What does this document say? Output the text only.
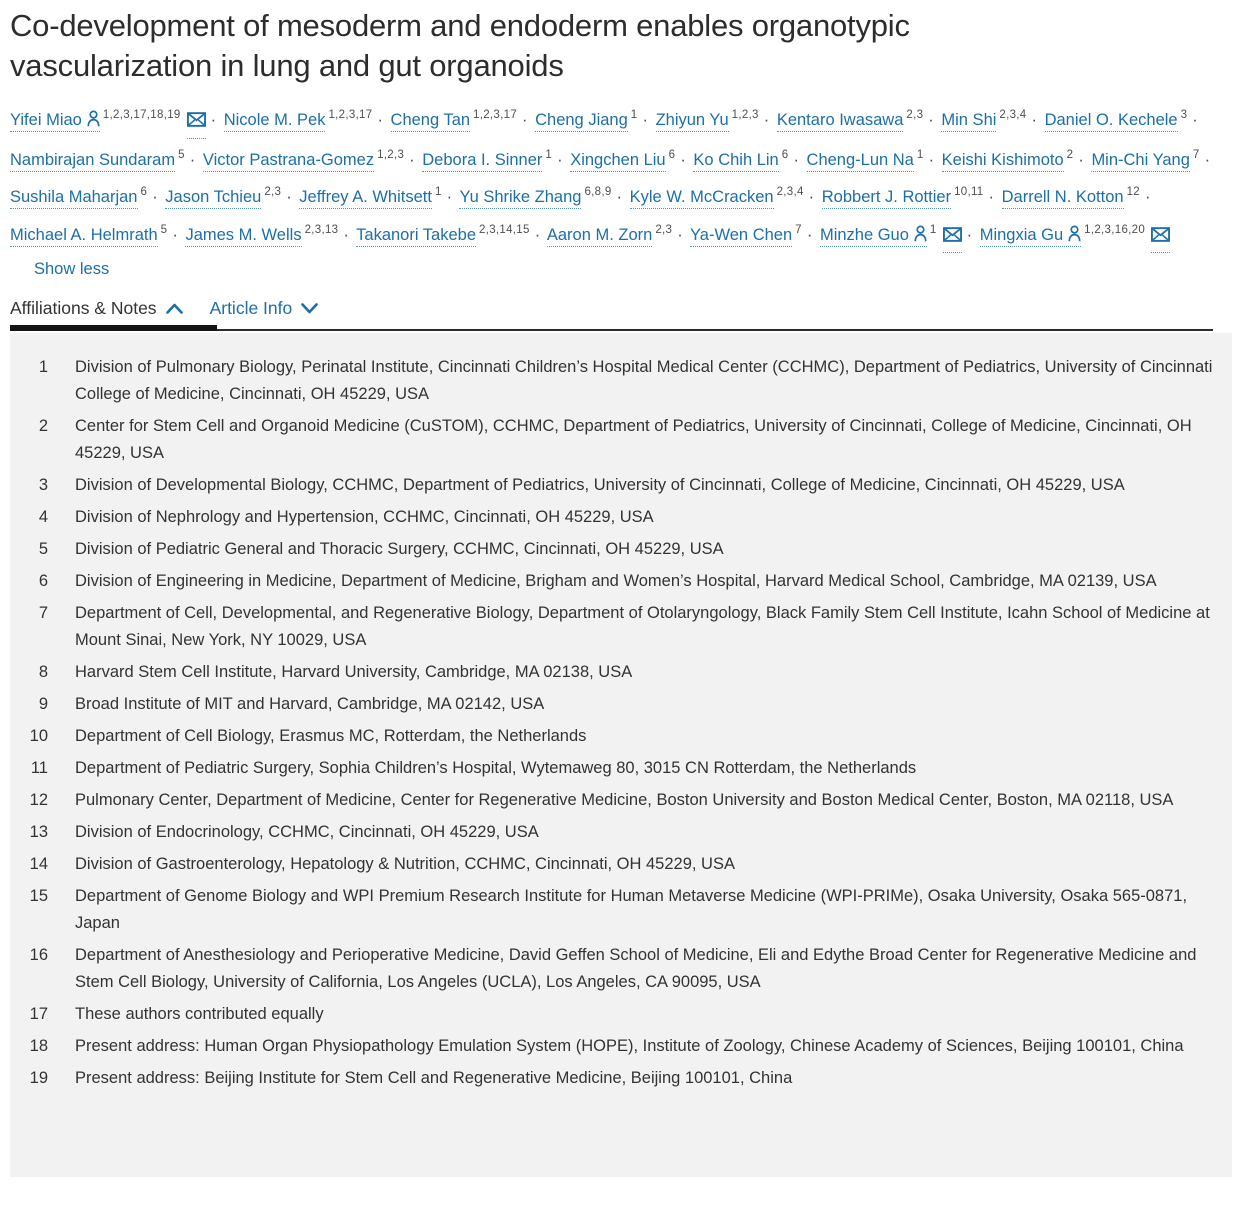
Co-development of mesoderm and endoderm enables organotypic vascularization in lung and gut organoids

Yifei Miao $^{1,2,3,17,18,19}$ · Nicole M. Pek $^{1,2,3,17}$ · Cheng Tan $^{1,2,3,17}$ · Cheng Jiang $^1$ · Zhiyun Yu $^{1,2,3}$ · Kentaro Iwasawa $^{2,3}$ · Min Shi $^{2,3,4}$ · Daniel O. Kechele $^3$ · Nambirajan Sundaram $^5$ · Victor Pastrana-Gomez $^{1,2,3}$ · Debora I. Sinner $^1$ · Xingchen Liu $^6$ · Ko Chih Lin $^6$ · Cheng-Lun Na $^1$ · Keishi Kishimoto $^2$ · Min-Chi Yang $^7$ · Sushila Maharjan $^6$ · Jason Tchieu $^{2,3}$ · Jeffrey A. Whitsett $^1$ · Yu Shrike Zhang $^{6,8,9}$ · Kyle W. McCracken $^{2,3,4}$ · Robbert J. Rottier $^{10,11}$ · Darrell N. Kotton $^{12}$ · Michael A. Helmrath $^5$ · James M. Wells $^{2,3,13}$ · Takanori Takebe $^{2,3,14,15}$ · Aaron M. Zorn $^{2,3}$ · Ya-Wen Chen $^7$ · Minzhe Guo $^1$ · Mingxia Gu $^{1,2,3,16,20}$ Show less

Affiliations & Notes	Article Info
1 Division of Pulmonary Biology, Perinatal Institute, Cincinnati Children’s Hospital Medical Center (CCHMC), Department of Pediatrics, University of Cincinnati College of Medicine, Cincinnati, OH 45229, USA
2 Center for Stem Cell and Organoid Medicine (CuSTOM), CCHMC, Department of Pediatrics, University of Cincinnati, College of Medicine, Cincinnati, OH 45229, USA
3 Division of Developmental Biology, CCHMC, Department of Pediatrics, University of Cincinnati, College of Medicine, Cincinnati, OH 45229, USA
4 Division of Nephrology and Hypertension, CCHMC, Cincinnati, OH 45229, USA
5 Division of Pediatric General and Thoracic Surgery, CCHMC, Cincinnati, OH 45229, USA
6 Division of Engineering in Medicine, Department of Medicine, Brigham and Women’s Hospital, Harvard Medical School, Cambridge, MA 02139, USA
7 Department of Cell, Developmental, and Regenerative Biology, Department of Otolaryngology, Black Family Stem Cell Institute, Icahn School of Medicine at Mount Sinai, New York, NY 10029, USA
8 Harvard Stem Cell Institute, Harvard University, Cambridge, MA 02138, USA
9 Broad Institute of MIT and Harvard, Cambridge, MA 02142, USA
10 Department of Cell Biology, Erasmus MC, Rotterdam, the Netherlands
11 Department of Pediatric Surgery, Sophia Children’s Hospital, Wytemaweg 80, 3015 CN Rotterdam, the Netherlands
12 Pulmonary Center, Department of Medicine, Center for Regenerative Medicine, Boston University and Boston Medical Center, Boston, MA 02118, USA
13 Division of Endocrinology, CCHMC, Cincinnati, OH 45229, USA
14 Division of Gastroenterology, Hepatology & Nutrition, CCHMC, Cincinnati, OH 45229, USA
15 Department of Genome Biology and WPI Premium Research Institute for Human Metaverse Medicine (WPI-PRIMe), Osaka University, Osaka 565-0871, Japan
16 Department of Anesthesiology and Perioperative Medicine, David Geffen School of Medicine, Eli and Edythe Broad Center for Regenerative Medicine and Stem Cell Biology, University of California, Los Angeles (UCLA), Los Angeles, CA 90095, USA
17 These authors contributed equally
18 Present address: Human Organ Physiopathology Emulation System (HOPE), Institute of Zoology, Chinese Academy of Sciences, Beijing 100101, China
19 Present address: Beijing Institute for Stem Cell and Regenerative Medicine, Beijing 100101, China
